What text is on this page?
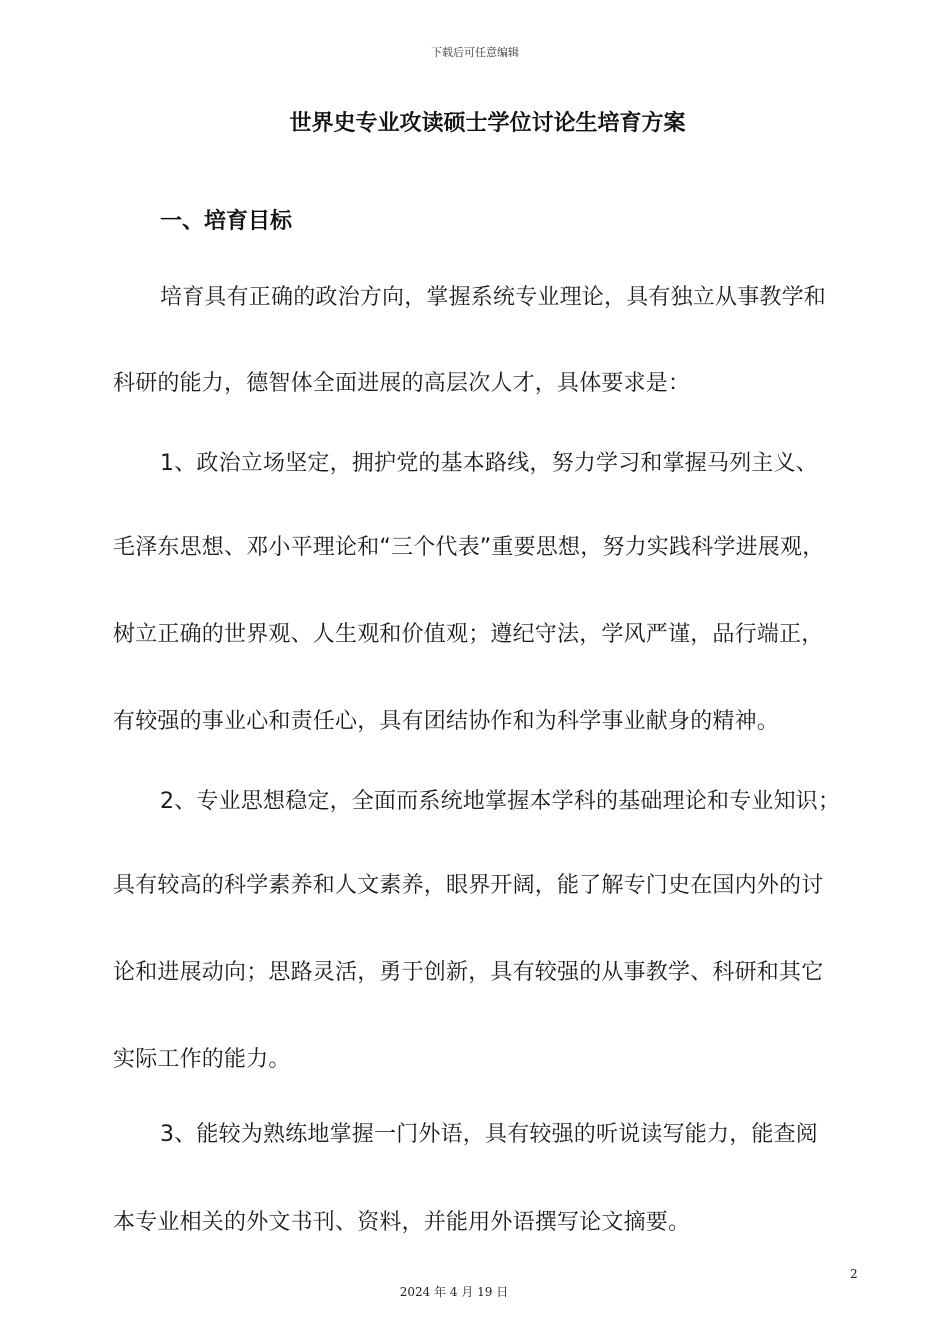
下载后可任意编辑
世界史专业攻读硕士学位讨论生培育方案
一、培育目标
培育具有正确的政治方向，掌握系统专业理论，具有独立从事教学和
科研的能力，德智体全面进展的高层次人才，具体要求是：
1、政治立场坚定，拥护党的基本路线，努力学习和掌握马列主义、
毛泽东思想、邓小平理论和“三个代表”重要思想，努力实践科学进展观，
树立正确的世界观、人生观和价值观；遵纪守法，学风严谨，品行端正，
有较强的事业心和责任心，具有团结协作和为科学事业献身的精神。
2、专业思想稳定，全面而系统地掌握本学科的基础理论和专业知识；
具有较高的科学素养和人文素养，眼界开阔，能了解专门史在国内外的讨
论和进展动向；思路灵活，勇于创新，具有较强的从事教学、科研和其它
实际工作的能力。
3、能较为熟练地掌握一门外语，具有较强的听说读写能力，能查阅
本专业相关的外文书刊、资料，并能用外语撰写论文摘要。
2
2024 年 4 月 19 日
